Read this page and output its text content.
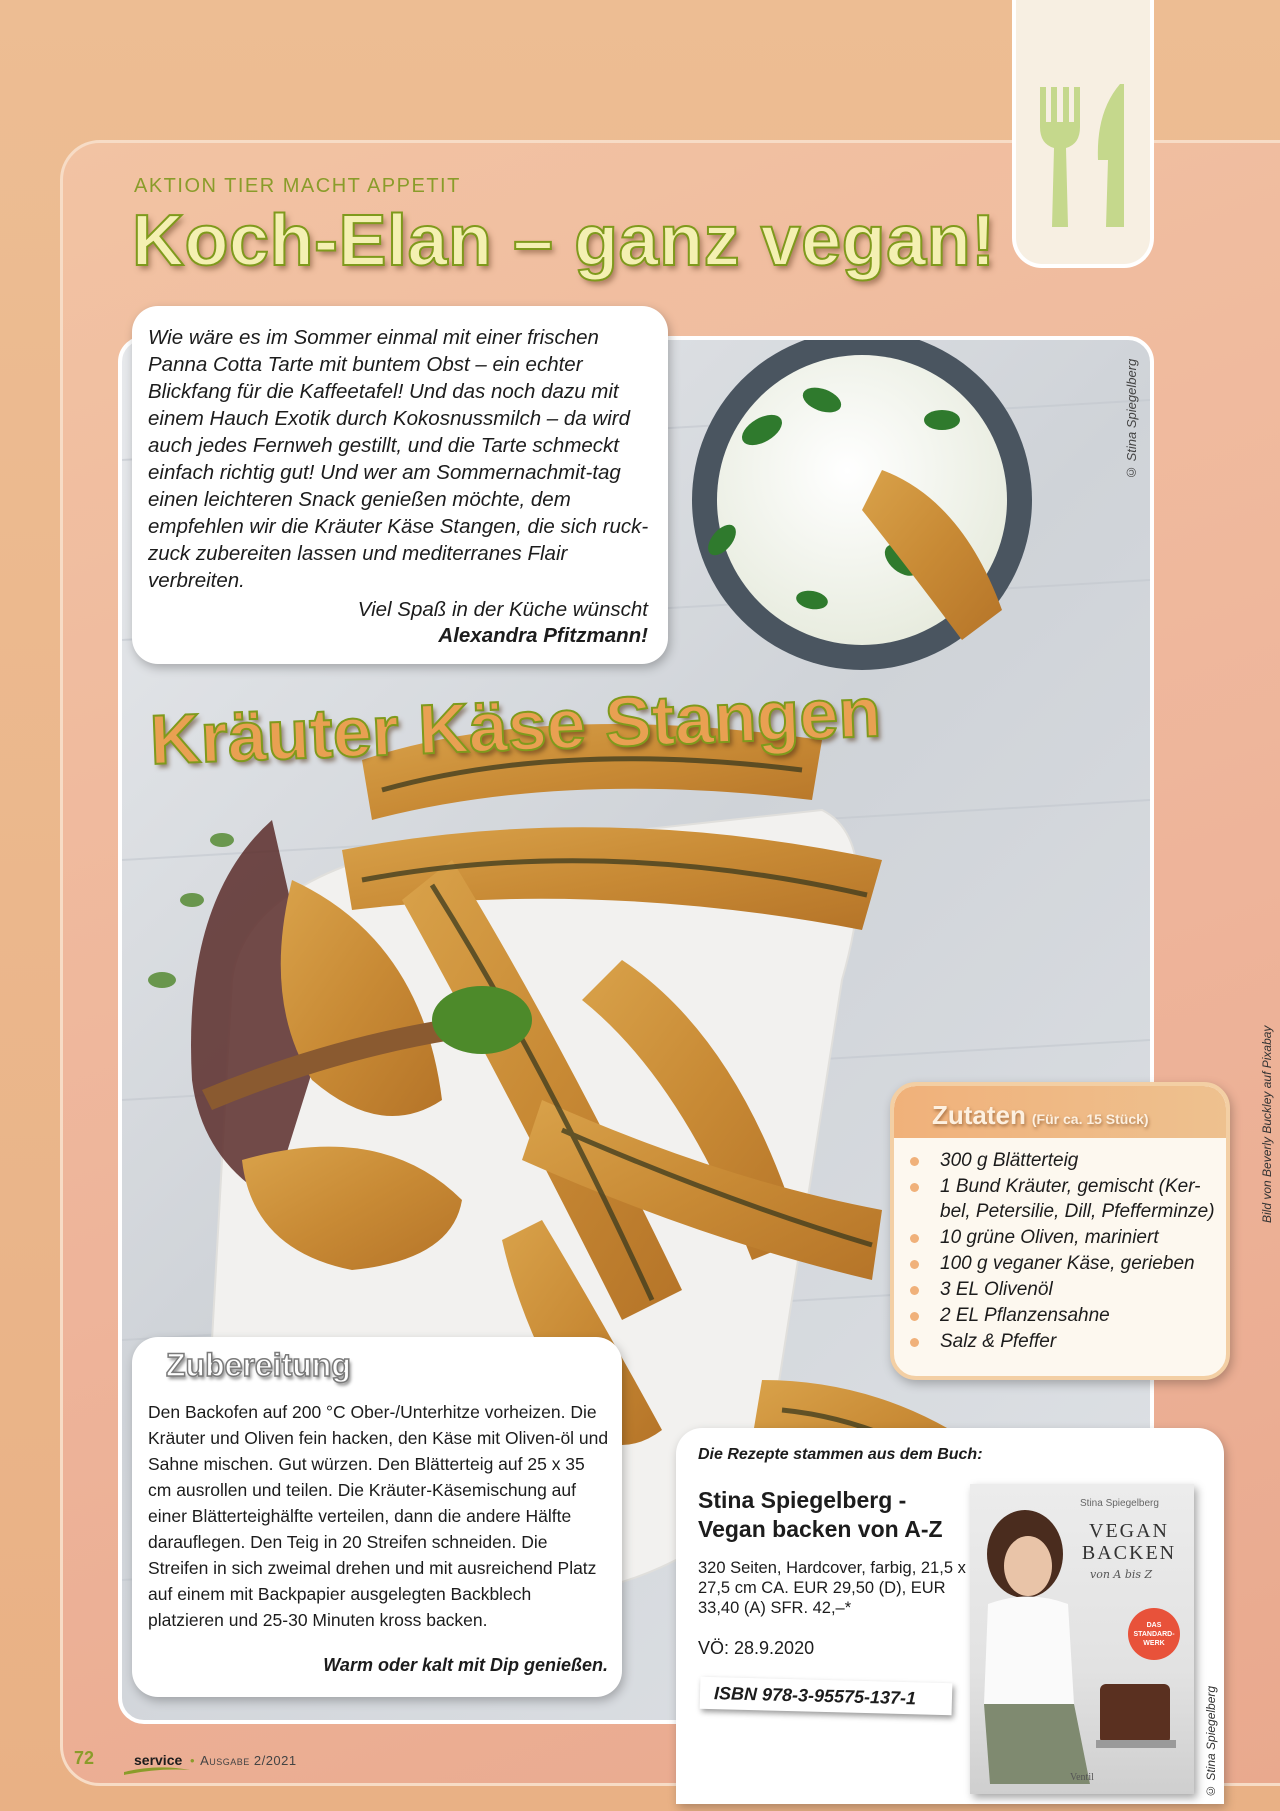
AKTION TIER MACHT APPETIT
Koch-Elan – ganz vegan!
© Stina Spiegelberg
Bild von Beverly Buckley auf Pixabay
Wie wäre es im Sommer einmal mit einer frischen Panna Cotta Tarte mit buntem Obst – ein echter Blickfang für die Kaffeetafel! Und das noch dazu mit einem Hauch Exotik durch Kokosnussmilch – da wird auch jedes Fernweh gestillt, und die Tarte schmeckt einfach richtig gut! Und wer am Sommernachmit-tag einen leichteren Snack genießen möchte, dem empfehlen wir die Kräuter Käse Stangen, die sich ruck-zuck zubereiten lassen und mediterranes Flair verbreiten.
Viel Spaß in der Küche wünscht
Alexandra Pfitzmann!
Kräuter Käse Stangen
Zutaten (Für ca. 15 Stück)
300 g Blätterteig
1 Bund Kräuter, gemischt (Ker-bel, Petersilie, Dill, Pfefferminze)
10 grüne Oliven, mariniert
100 g veganer Käse, gerieben
3 EL Olivenöl
2 EL Pflanzensahne
Salz & Pfeffer
Zubereitung
Den Backofen auf 200 °C Ober-/Unterhitze vorheizen. Die Kräuter und Oliven fein hacken, den Käse mit Oliven-öl und Sahne mischen. Gut würzen. Den Blätterteig auf 25 x 35 cm ausrollen und teilen. Die Kräuter-Käsemischung auf einer Blätterteighälfte verteilen, dann die andere Hälfte darauflegen. Den Teig in 20 Streifen schneiden. Die Streifen in sich zweimal drehen und mit ausreichend Platz auf einem mit Backpapier ausgelegten Backblech platzieren und 25-30 Minuten kross backen.
Warm oder kalt mit Dip genießen.
Die Rezepte stammen aus dem Buch:
Stina Spiegelberg - Vegan backen von A-Z
320 Seiten, Hardcover, farbig, 21,5 x 27,5 cm CA. EUR 29,50 (D), EUR 33,40 (A) SFR. 42,–*
VÖ: 28.9.2020
ISBN 978-3-95575-137-1
Stina Spiegelberg
VEGAN BACKEN
von A bis Z
DAS STANDARD-WERK
Ventil	© Stina Spiegelberg
72	service • Ausgabe 2/2021
